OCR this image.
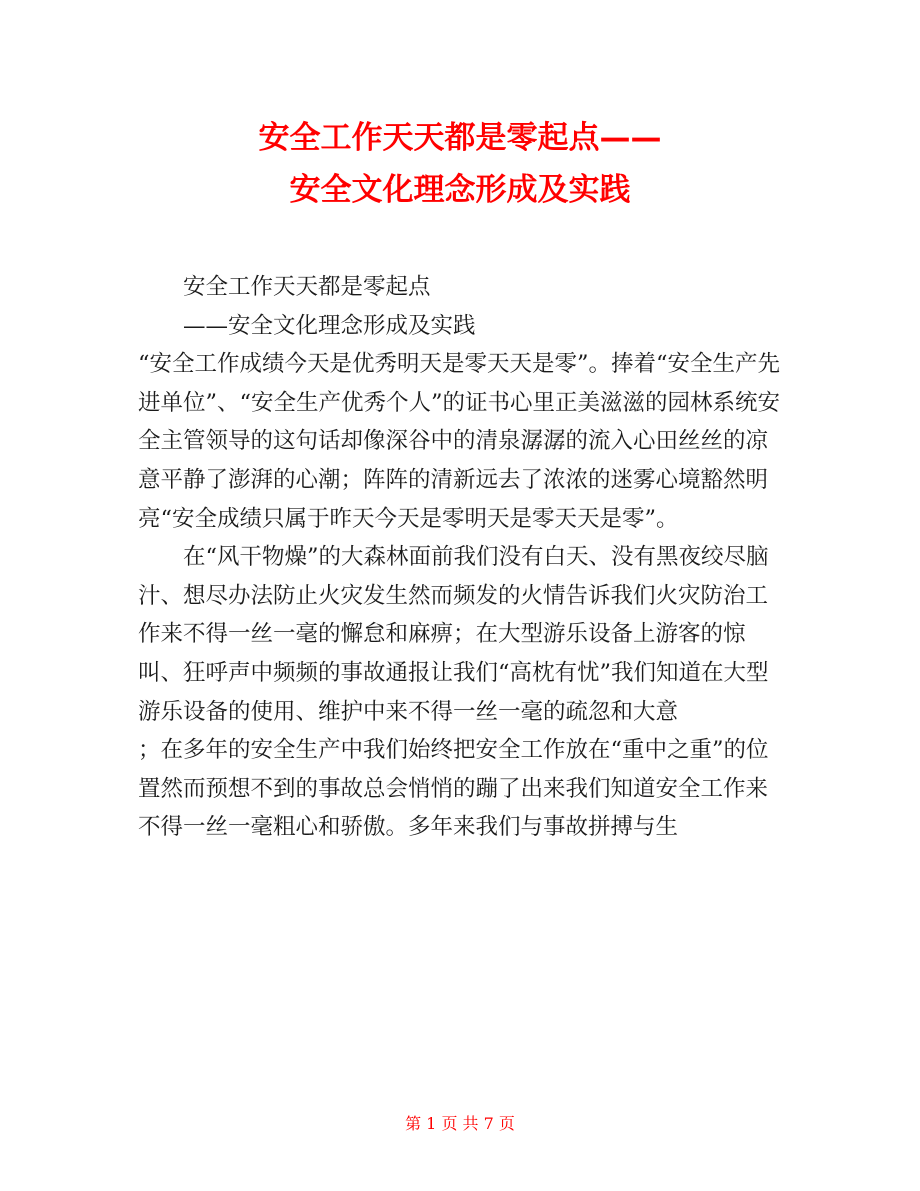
安全工作天天都是零起点——
安全文化理念形成及实践

安全工作天天都是零起点

——安全文化理念形成及实践

“安全工作成绩今天是优秀明天是零天天是零”。捧着“安全生产先进单位”、“安全生产优秀个人”的证书心里正美滋滋的园林系统安全主管领导的这句话却像深谷中的清泉潺潺的流入心田丝丝的凉意平静了澎湃的心潮；阵阵的清新远去了浓浓的迷雾心境豁然明亮“安全成绩只属于昨天今天是零明天是零天天是零”。

在“风干物燥”的大森林面前我们没有白天、没有黑夜绞尽脑汁、想尽办法防止火灾发生然而频发的火情告诉我们火灾防治工作来不得一丝一毫的懈怠和麻痹；在大型游乐设备上游客的惊叫、狂呼声中频频的事故通报让我们“高枕有忧”我们知道在大型游乐设备的使用、维护中来不得一丝一毫的疏忽和大意

；在多年的安全生产中我们始终把安全工作放在“重中之重”的位置然而预想不到的事故总会悄悄的蹦了出来我们知道安全工作来不得一丝一毫粗心和骄傲。多年来我们与事故拼搏与生

第 1 页 共 7 页
